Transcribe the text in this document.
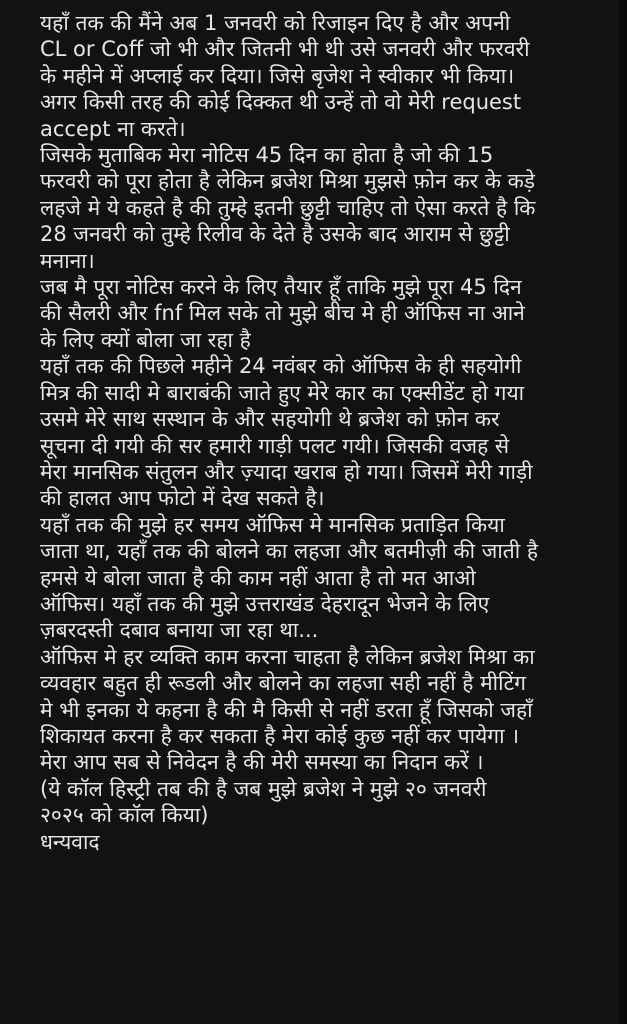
यहाँ तक की मैंने अब 1 जनवरी को रिजाइन दिए है और अपनी
CL or Coff जो भी और जितनी भी थी उसे जनवरी और फरवरी
के महीने में अप्लाई कर दिया। जिसे बृजेश ने स्वीकार भी किया।
अगर किसी तरह की कोई दिक्कत थी उन्हें तो वो मेरी request
accept ना करते।
जिसके मुताबिक मेरा नोटिस 45 दिन का होता है जो की 15
फरवरी को पूरा होता है लेकिन ब्रजेश मिश्रा मुझसे फ़ोन कर के कड़े
लहजे मे ये कहते है की तुम्हे इतनी छुट्टी चाहिए तो ऐसा करते है कि
28 जनवरी को तुम्हे रिलीव के देते है उसके बाद आराम से छुट्टी
मनाना।
जब मै पूरा नोटिस करने के लिए तैयार हूँ ताकि मुझे पूरा 45 दिन
की सैलरी और fnf मिल सके तो मुझे बीच मे ही ऑफिस ना आने
के लिए क्यों बोला जा रहा है
यहाँ तक की पिछले महीने 24 नवंबर को ऑफिस के ही सहयोगी
मित्र की सादी मे बाराबंकी जाते हुए मेरे कार का एक्सीडेंट हो गया
उसमे मेरे साथ सस्थान के और सहयोगी थे ब्रजेश को फ़ोन कर
सूचना दी गयी की सर हमारी गाड़ी पलट गयी। जिसकी वजह से
मेरा मानसिक संतुलन और ज़्यादा खराब हो गया। जिसमें मेरी गाड़ी
की हालत आप फोटो में देख सकते है।
यहाँ तक की मुझे हर समय ऑफिस मे मानसिक प्रताड़ित किया
जाता था, यहाँ तक की बोलने का लहजा और बतमीज़ी की जाती है
हमसे ये बोला जाता है की काम नहीं आता है तो मत आओ
ऑफिस। यहाँ तक की मुझे उत्तराखंड देहरादून भेजने के लिए
ज़बरदस्ती दबाव बनाया जा रहा था...
ऑफिस मे हर व्यक्ति काम करना चाहता है लेकिन ब्रजेश मिश्रा का
व्यवहार बहुत ही रूडली और बोलने का लहजा सही नहीं है मीटिंग
मे भी इनका ये कहना है की मै किसी से नहीं डरता हूँ जिसको जहाँ
शिकायत करना है कर सकता है मेरा कोई कुछ नहीं कर पायेगा ।
मेरा आप सब से निवेदन है की मेरी समस्या का निदान करें ।
(ये कॉल हिस्ट्री तब की है जब मुझे ब्रजेश ने मुझे २० जनवरी
२०२५ को कॉल किया)
धन्यवाद
